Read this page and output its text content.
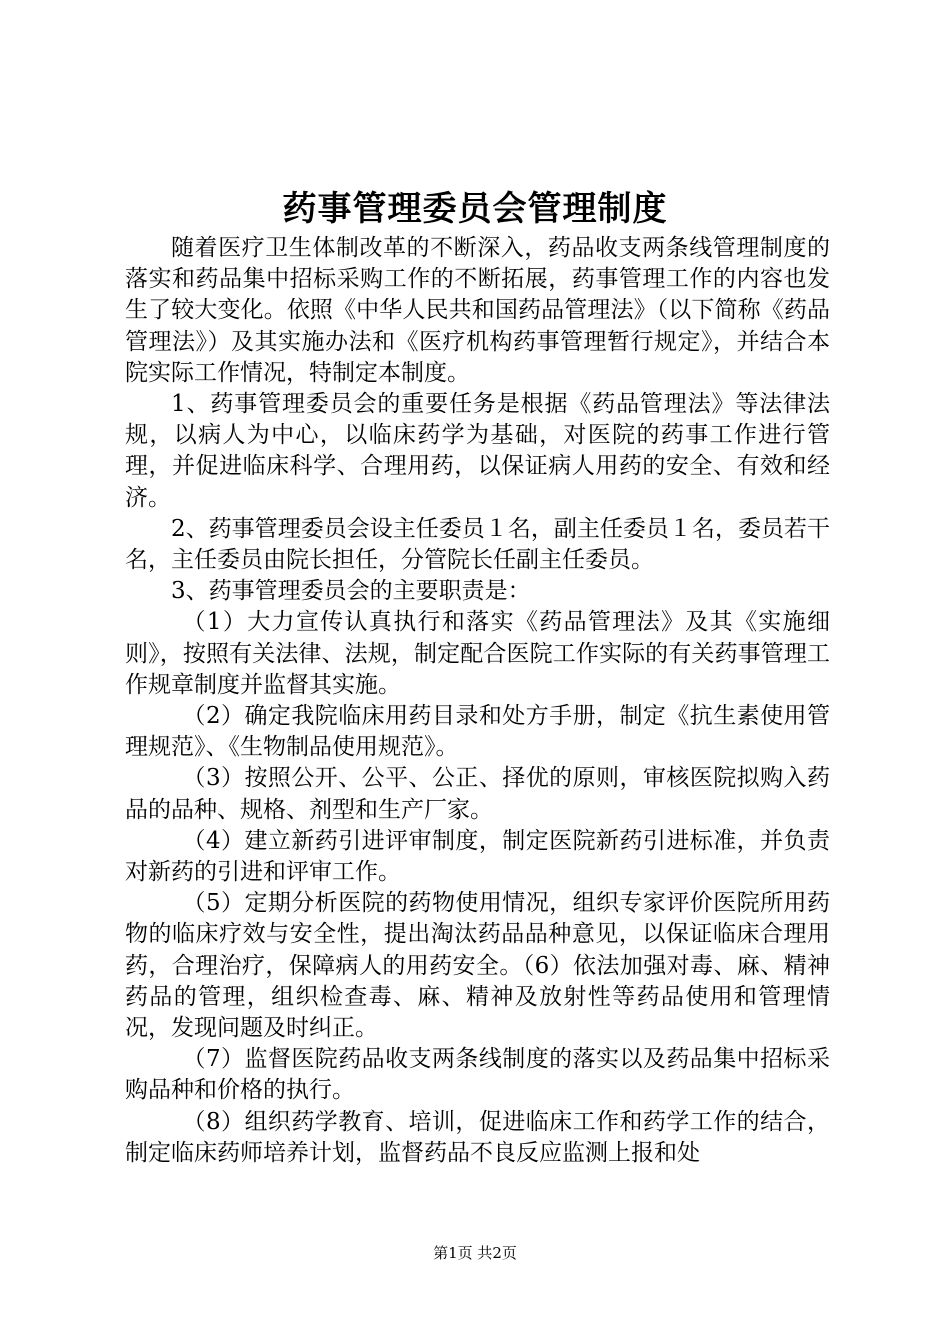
药事管理委员会管理制度

随着医疗卫生体制改革的不断深入，药品收支两条线管理制度的落实和药品集中招标采购工作的不断拓展，药事管理工作的内容也发生了较大变化。依照《中华人民共和国药品管理法》（以下简称《药品管理法》）及其实施办法和《医疗机构药事管理暂行规定》，并结合本院实际工作情况，特制定本制度。

1、药事管理委员会的重要任务是根据《药品管理法》等法律法规，以病人为中心，以临床药学为基础，对医院的药事工作进行管理，并促进临床科学、合理用药，以保证病人用药的安全、有效和经济。

2、药事管理委员会设主任委员１名，副主任委员１名，委员若干名，主任委员由院长担任，分管院长任副主任委员。

3、药事管理委员会的主要职责是：

（1）大力宣传认真执行和落实《药品管理法》及其《实施细则》，按照有关法律、法规，制定配合医院工作实际的有关药事管理工作规章制度并监督其实施。

（2）确定我院临床用药目录和处方手册，制定《抗生素使用管理规范》、《生物制品使用规范》。

（3）按照公开、公平、公正、择优的原则，审核医院拟购入药品的品种、规格、剂型和生产厂家。

（4）建立新药引进评审制度，制定医院新药引进标准，并负责对新药的引进和评审工作。

（5）定期分析医院的药物使用情况，组织专家评价医院所用药物的临床疗效与安全性，提出淘汰药品品种意见，以保证临床合理用药，合理治疗，保障病人的用药安全。（6）依法加强对毒、麻、精神药品的管理，组织检查毒、麻、精神及放射性等药品使用和管理情况，发现问题及时纠正。

（7）监督医院药品收支两条线制度的落实以及药品集中招标采购品种和价格的执行。

（8）组织药学教育、培训，促进临床工作和药学工作的结合，制定临床药师培养计划，监督药品不良反应监测上报和处

第1页 共2页
